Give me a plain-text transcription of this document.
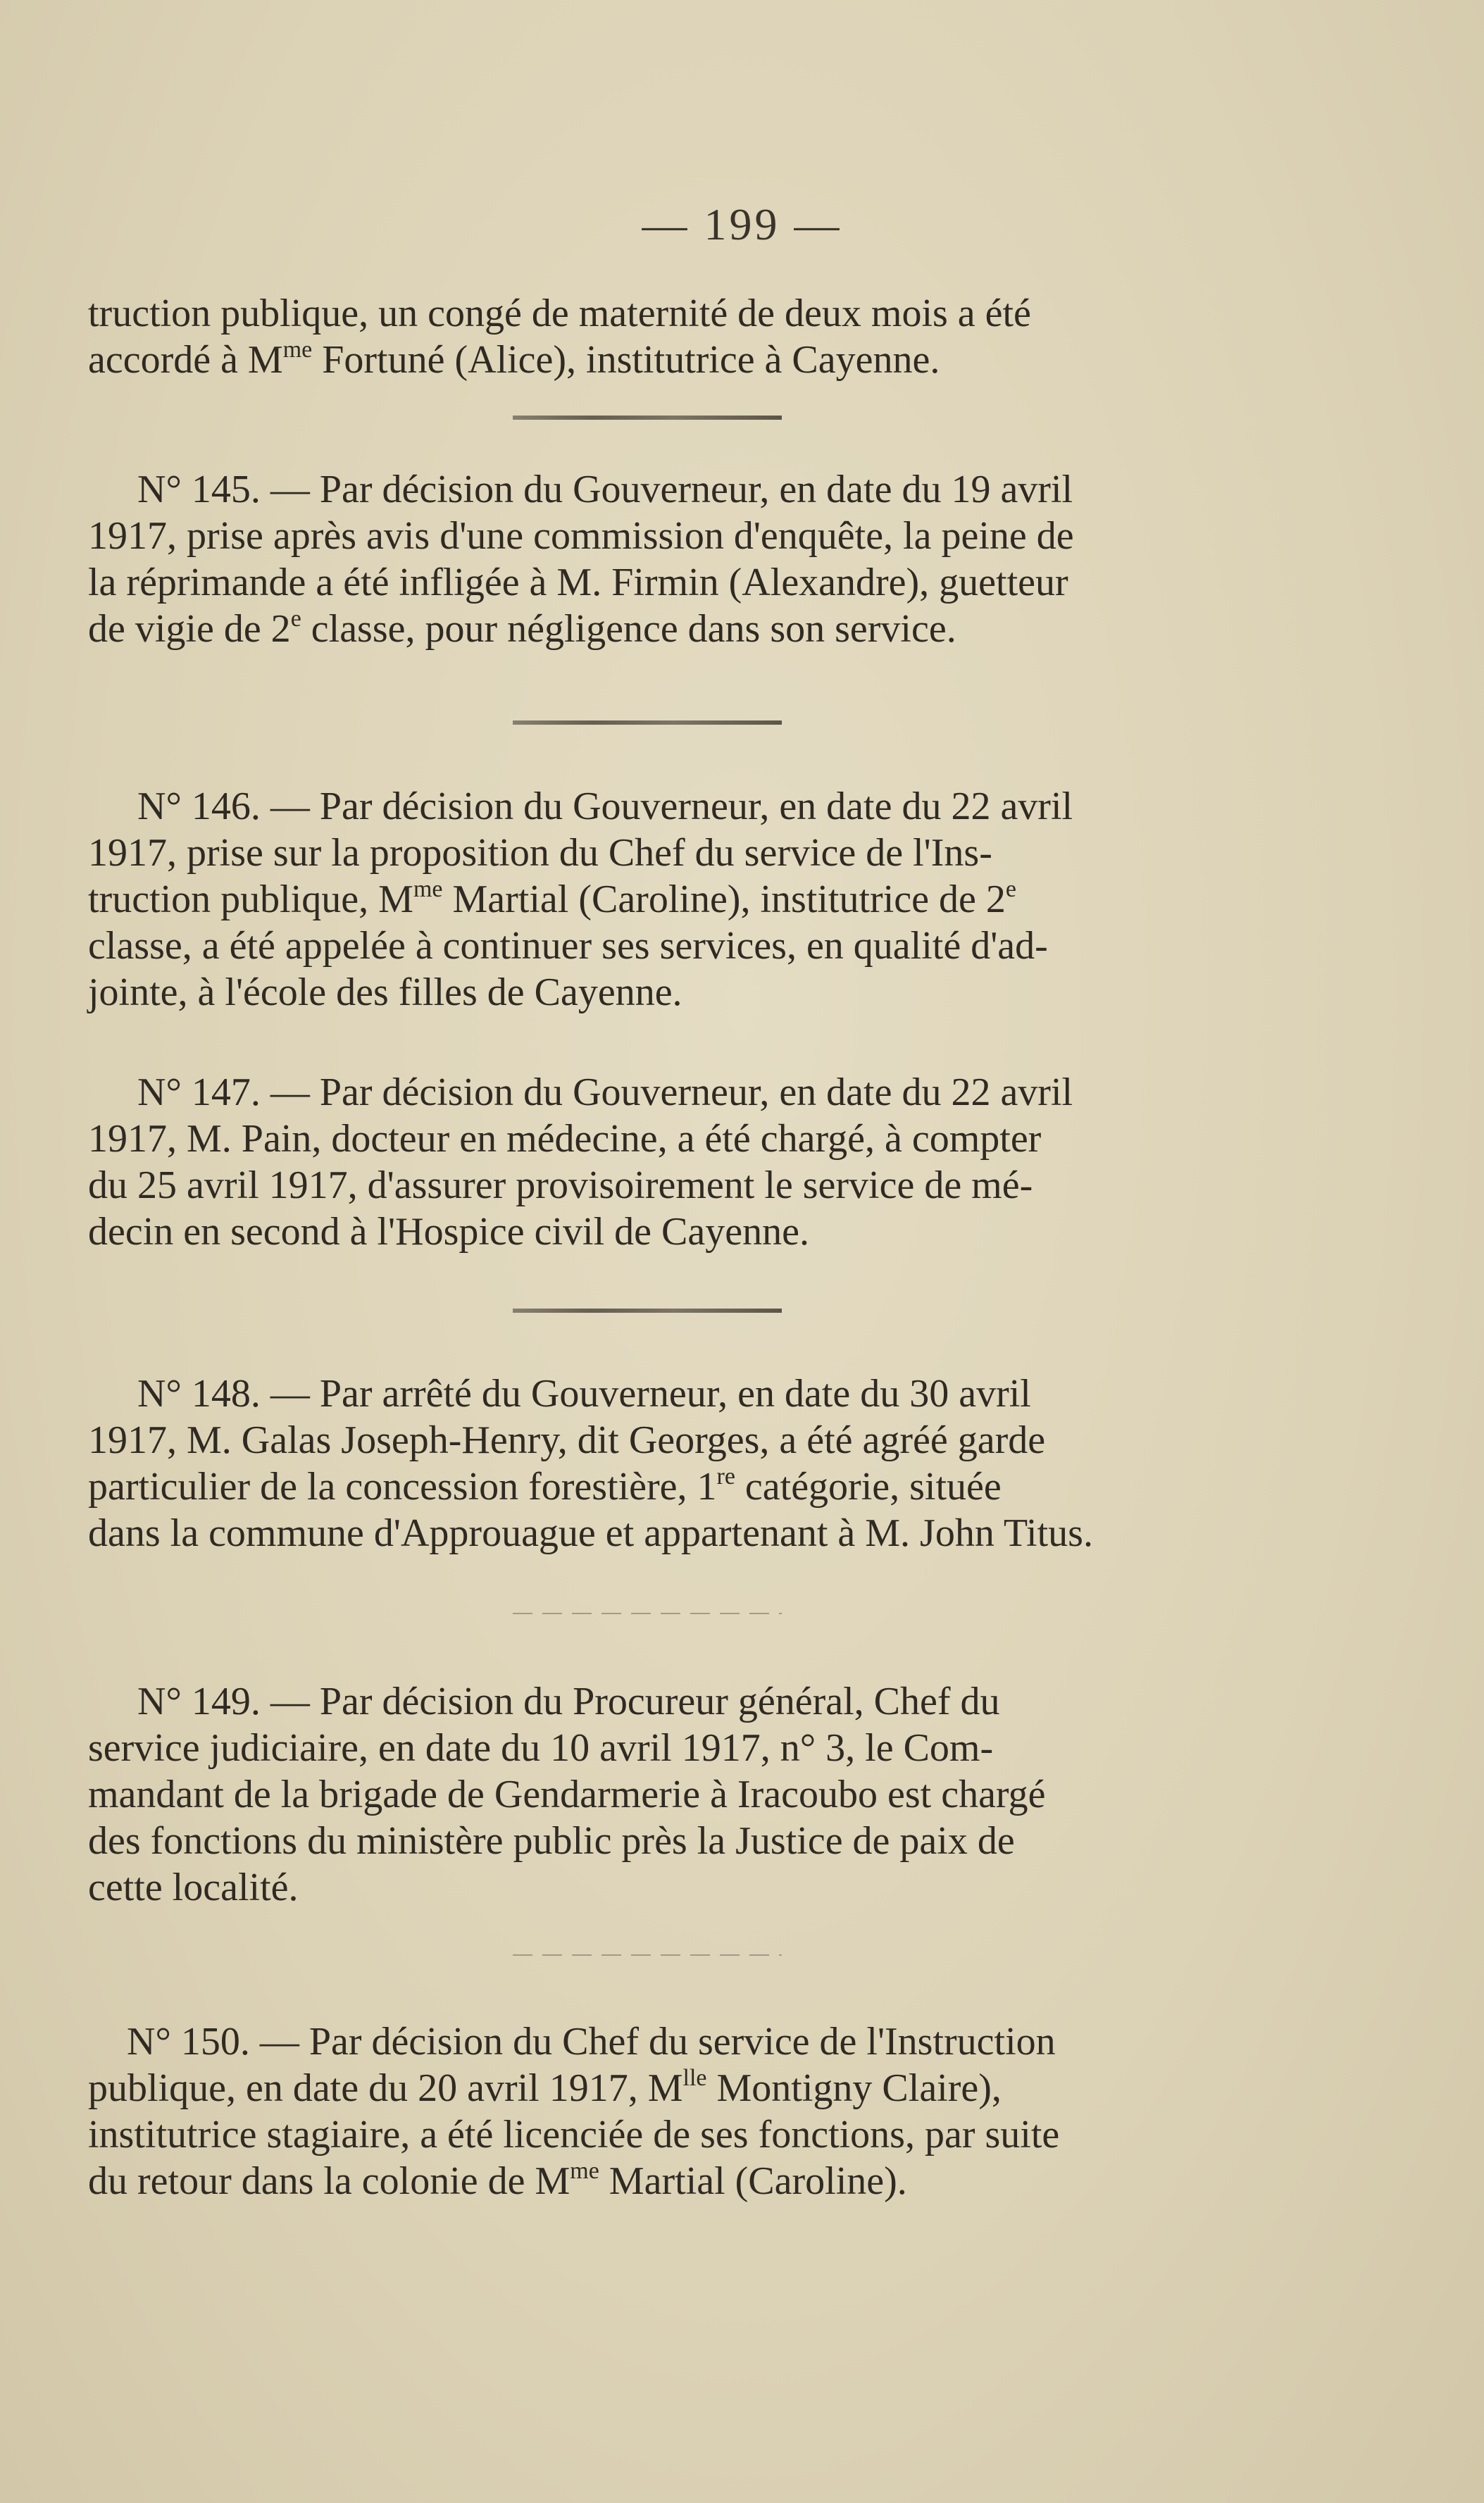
— 199 —
truction publique, un congé de maternité de deux mois a été
accordé à $M^{me}$ Fortuné (Alice), institutrice à Cayenne.
N° 145. — Par décision du Gouverneur, en date du 19 avril
1917, prise après avis d'une commission d'enquête, la peine de
la réprimande a été infligée à M. Firmin (Alexandre), guetteur
de vigie de 2e classe, pour négligence dans son service.
N° 146. — Par décision du Gouverneur, en date du 22 avril
1917, prise sur la proposition du Chef du service de l'Ins-
truction publique, $M^{me}$ Martial (Caroline), institutrice de 2e
classe, a été appelée à continuer ses services, en qualité d'ad-
jointe, à l'école des filles de Cayenne.
N° 147. — Par décision du Gouverneur, en date du 22 avril
1917, M. Pain, docteur en médecine, a été chargé, à compter
du 25 avril 1917, d'assurer provisoirement le service de mé-
decin en second à l'Hospice civil de Cayenne.
N° 148. — Par arrêté du Gouverneur, en date du 30 avril
1917, M. Galas Joseph-Henry, dit Georges, a été agréé garde
particulier de la concession forestière, 1re catégorie, située
dans la commune d'Approuague et appartenant à M. John Titus.
N° 149. — Par décision du Procureur général, Chef du
service judiciaire, en date du 10 avril 1917, n° 3, le Com-
mandant de la brigade de Gendarmerie à Iracoubo est chargé
des fonctions du ministère public près la Justice de paix de
cette localité.
N° 150. — Par décision du Chef du service de l'Instruction
publique, en date du 20 avril 1917, $M^{lle}$ Montigny Claire),
institutrice stagiaire, a été licenciée de ses fonctions, par suite
du retour dans la colonie de $M^{me}$ Martial (Caroline).
